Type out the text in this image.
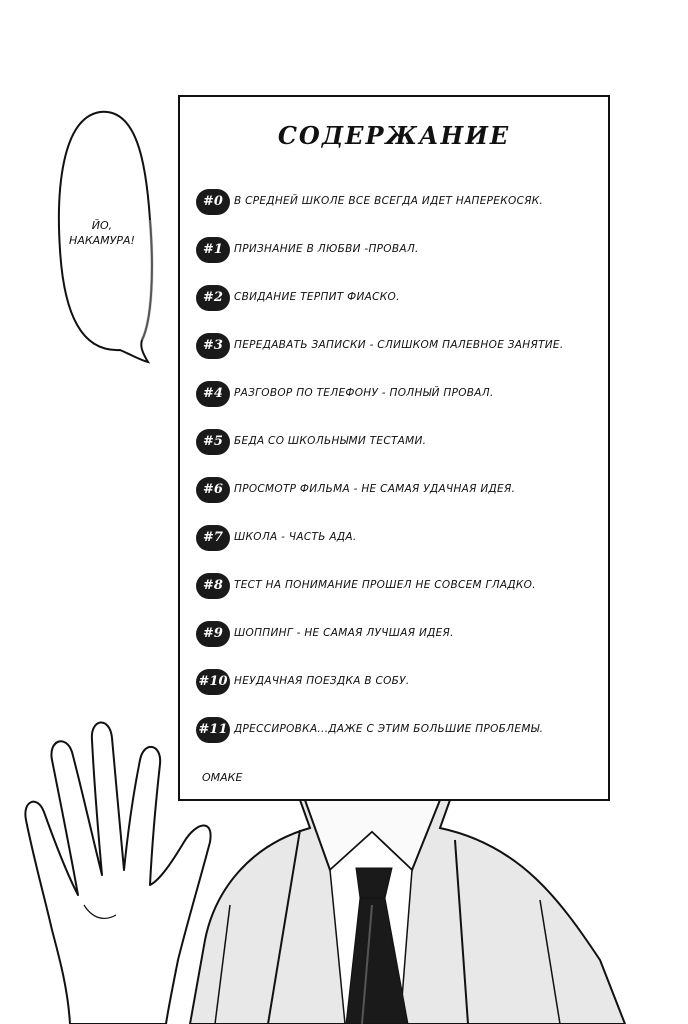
ЙО,
НАКАМУРА!
СОДЕРЖАНИЕ
#0	В СРЕДНЕЙ ШКОЛЕ ВСЕ ВСЕГДА ИДЕТ НАПЕРЕКОСЯК.
#1	ПРИЗНАНИЕ В ЛЮБВИ -ПРОВАЛ.
#2	СВИДАНИЕ ТЕРПИТ ФИАСКО.
#3	ПЕРЕДАВАТЬ ЗАПИСКИ - СЛИШКОМ ПАЛЕВНОЕ ЗАНЯТИЕ.
#4	РАЗГОВОР ПО ТЕЛЕФОНУ - ПОЛНЫЙ ПРОВАЛ.
#5	БЕДА СО ШКОЛЬНЫМИ ТЕСТАМИ.
#6	ПРОСМОТР ФИЛЬМА - НЕ САМАЯ УДАЧНАЯ ИДЕЯ.
#7	ШКОЛА - ЧАСТЬ АДА.
#8	ТЕСТ НА ПОНИМАНИЕ ПРОШЕЛ НЕ СОВСЕМ ГЛАДКО.
#9	ШОППИНГ - НЕ САМАЯ ЛУЧШАЯ ИДЕЯ.
#10 НЕУДАЧНАЯ ПОЕЗДКА В СОБУ.
#11 ДРЕССИРОВКА...ДАЖЕ С ЭТИМ БОЛЬШИЕ ПРОБЛЕМЫ.
ОМАКЕ
